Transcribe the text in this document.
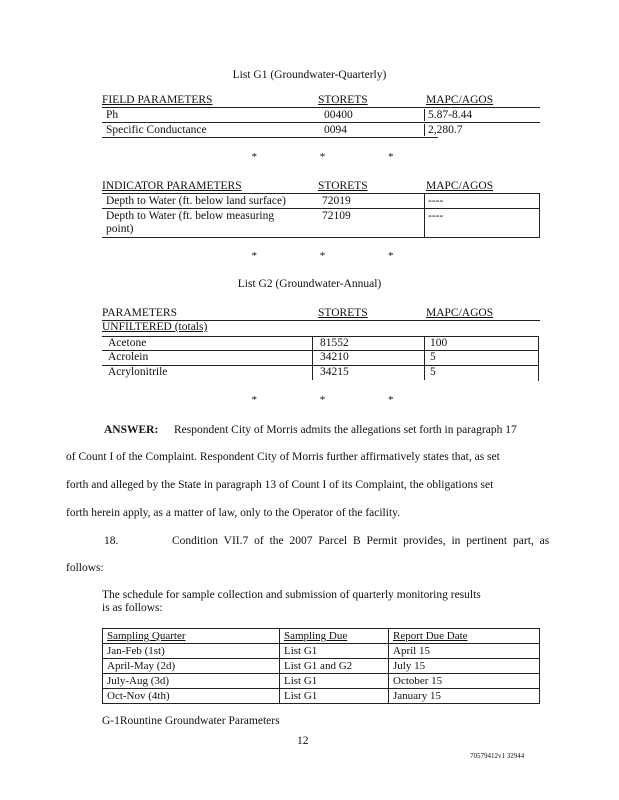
List G1 (Groundwater-Quarterly)
FIELD PARAMETERS	STORETS	MAPC/AGOS
Ph	00400	5.87-8.44
Specific Conductance	0094	2,280.7
* * *
INDICATOR PARAMETERS	STORETS	MAPC/AGOS
Depth to Water (ft. below land surface)	72019	----
Depth to Water (ft. below measuring	72109	----
point)
* * *
List G2 (Groundwater-Annual)
PARAMETERS	STORETS	MAPC/AGOS
UNFILTERED (totals)
Acetone	81552	100
Acrolein	34210	5
Acrylonitrile	34215	5
* * *
ANSWER: Respondent City of Morris admits the allegations set forth in paragraph 17
of Count I of the Complaint. Respondent City of Morris further affirmatively states that, as set
forth and alleged by the State in paragraph 13 of Count I of its Complaint, the obligations set
forth herein apply, as a matter of law, only to the Operator of the facility.
18.	Condition VII.7 of the 2007 Parcel B Permit provides, in pertinent part, as
follows:
The schedule for sample collection and submission of quarterly monitoring results
is as follows:
Sampling Quarter	Sampling Due	Report Due Date
Jan-Feb (1st)	List G1	April 15
April-May (2d)	List G1 and G2	July 15
July-Aug (3d)	List G1	October 15
Oct-Nov (4th)	List G1	January 15
G-1Rountine Groundwater Parameters
12
70579412v1 32944
